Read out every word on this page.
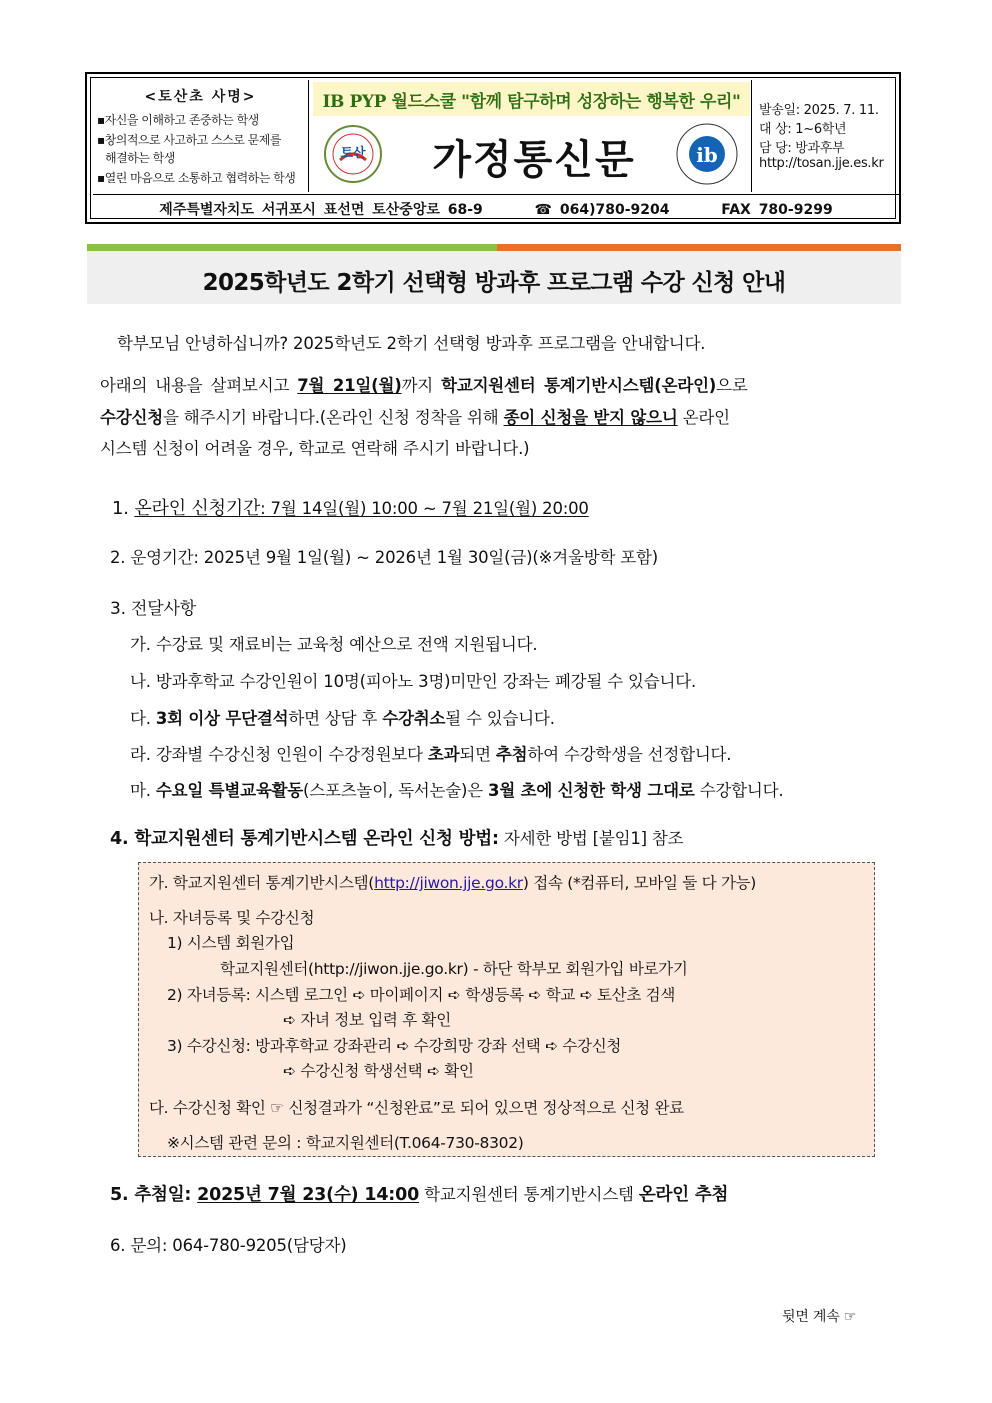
<토산초 사명>
▪자신을 이해하고 존중하는 학생
▪창의적으로 사고하고 스스로 문제를
해결하는 학생
▪열린 마음으로 소통하고 협력하는 학생
IB PYP 월드스쿨 "함께 탐구하며 성장하는 행복한 우리"
토산	가정통신문	ib
발송일: 2025. 7. 11.
대 상: 1~6학년
담 당: 방과후부
http://tosan.jje.es.kr
제주특별자치도 서귀포시 표선면 토산중앙로 68-9	☎ 064)780-9204	FAX 780-9299
2025학년도 2학기 선택형 방과후 프로그램 수강 신청 안내
학부모님 안녕하십니까? 2025학년도 2학기 선택형 방과후 프로그램을 안내합니다.
아래의 내용을 살펴보시고 7월 21일(월)까지 학교지원센터 통계기반시스템(온라인)으로
수강신청을 해주시기 바랍니다.(온라인 신청 정착을 위해 종이 신청을 받지 않으니 온라인
시스템 신청이 어려울 경우, 학교로 연락해 주시기 바랍니다.)
1. 온라인 신청기간: 7월 14일(월) 10:00 ~ 7월 21일(월) 20:00
2. 운영기간: 2025년 9월 1일(월) ~ 2026년 1월 30일(금)(※겨울방학 포함)
3. 전달사항
가. 수강료 및 재료비는 교육청 예산으로 전액 지원됩니다.
나. 방과후학교 수강인원이 10명(피아노 3명)미만인 강좌는 폐강될 수 있습니다.
다. 3회 이상 무단결석하면 상담 후 수강취소될 수 있습니다.
라. 강좌별 수강신청 인원이 수강정원보다 초과되면 추첨하여 수강학생을 선정합니다.
마. 수요일 특별교육활동(스포츠놀이, 독서논술)은 3월 초에 신청한 학생 그대로 수강합니다.
4. 학교지원센터 통계기반시스템 온라인 신청 방법: 자세한 방법 [붙임1] 참조
가. 학교지원센터 통계기반시스템(http://jiwon.jje.go.kr) 접속 (*컴퓨터, 모바일 둘 다 가능)
나. 자녀등록 및 수강신청
1) 시스템 회원가입
학교지원센터(http://jiwon.jje.go.kr) - 하단 학부모 회원가입 바로가기
2) 자녀등록: 시스템 로그인 ➪ 마이페이지 ➪ 학생등록 ➪ 학교 ➪ 토산초 검색
➪ 자녀 정보 입력 후 확인
3) 수강신청: 방과후학교 강좌관리 ➪ 수강희망 강좌 선택 ➪ 수강신청
➪ 수강신청 학생선택 ➪ 확인
다. 수강신청 확인 ☞ 신청결과가 “신청완료”로 되어 있으면 정상적으로 신청 완료
※시스템 관련 문의 : 학교지원센터(T.064-730-8302)
5. 추첨일: 2025년 7월 23(수) 14:00 학교지원센터 통계기반시스템 온라인 추첨
6. 문의: 064-780-9205(담당자)
뒷면 계속 ☞
